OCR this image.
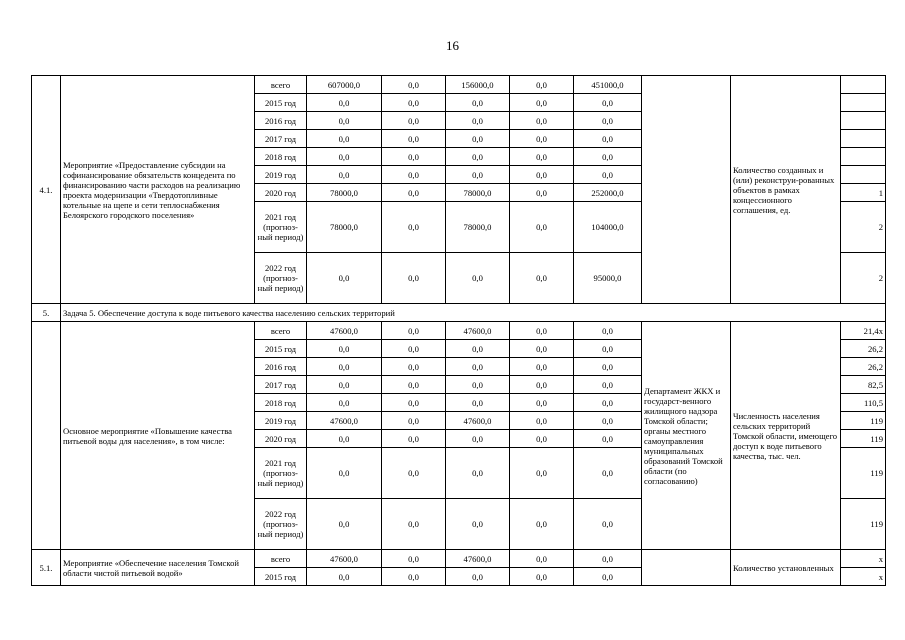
16
4.1.	Мероприятие «Предоставление субсидии на софинансирование обязательств концедента по финансированию части расходов на реализацию проекта модернизации «Твердотопливные котельные на щепе и сети теплоснабжения Белоярского городского поселения»	всего	607000,0	0,0	156000,0	0,0	451000,0		Количество созданных и (или) реконструи-рованных объектов в рамках концессионного соглашения, ед.	
		2015 год	0,0	0,0	0,0	0,0	0,0			
		2016 год	0,0	0,0	0,0	0,0	0,0			
		2017 год	0,0	0,0	0,0	0,0	0,0			
		2018 год	0,0	0,0	0,0	0,0	0,0			
		2019 год	0,0	0,0	0,0	0,0	0,0			
		2020 год	78000,0	0,0	78000,0	0,0	252000,0			1
		2021 год (прогноз-ный период)	78000,0	0,0	78000,0	0,0	104000,0			2
		2022 год (прогноз-ный период)	0,0	0,0	0,0	0,0	95000,0			2
5.	Задача 5. Обеспечение доступа к воде питьевого качества населению сельских территорий									
	Основное мероприятие «Повышение качества питьевой воды для населения», в том числе:	всего	47600,0	0,0	47600,0	0,0	0,0	Департамент ЖКХ и государст-венного жилищного надзора Томской области; органы местного самоуправления муниципальных образований Томской области (по согласованию)	Численность населения сельских территорий Томской области, имеющего доступ к воде питьевого качества, тыс. чел.	21,4х
		2015 год	0,0	0,0	0,0	0,0	0,0			26,2
		2016 год	0,0	0,0	0,0	0,0	0,0			26,2
		2017 год	0,0	0,0	0,0	0,0	0,0			82,5
		2018 год	0,0	0,0	0,0	0,0	0,0			110,5
		2019 год	47600,0	0,0	47600,0	0,0	0,0			119
		2020 год	0,0	0,0	0,0	0,0	0,0			119
		2021 год (прогноз-ный период)	0,0	0,0	0,0	0,0	0,0			119
		2022 год (прогноз-ный период)	0,0	0,0	0,0	0,0	0,0			119
5.1.	Мероприятие «Обеспечение населения Томской области чистой питьевой водой»	всего	47600,0	0,0	47600,0	0,0	0,0		Количество установленных	х
		2015 год	0,0	0,0	0,0	0,0	0,0			х
